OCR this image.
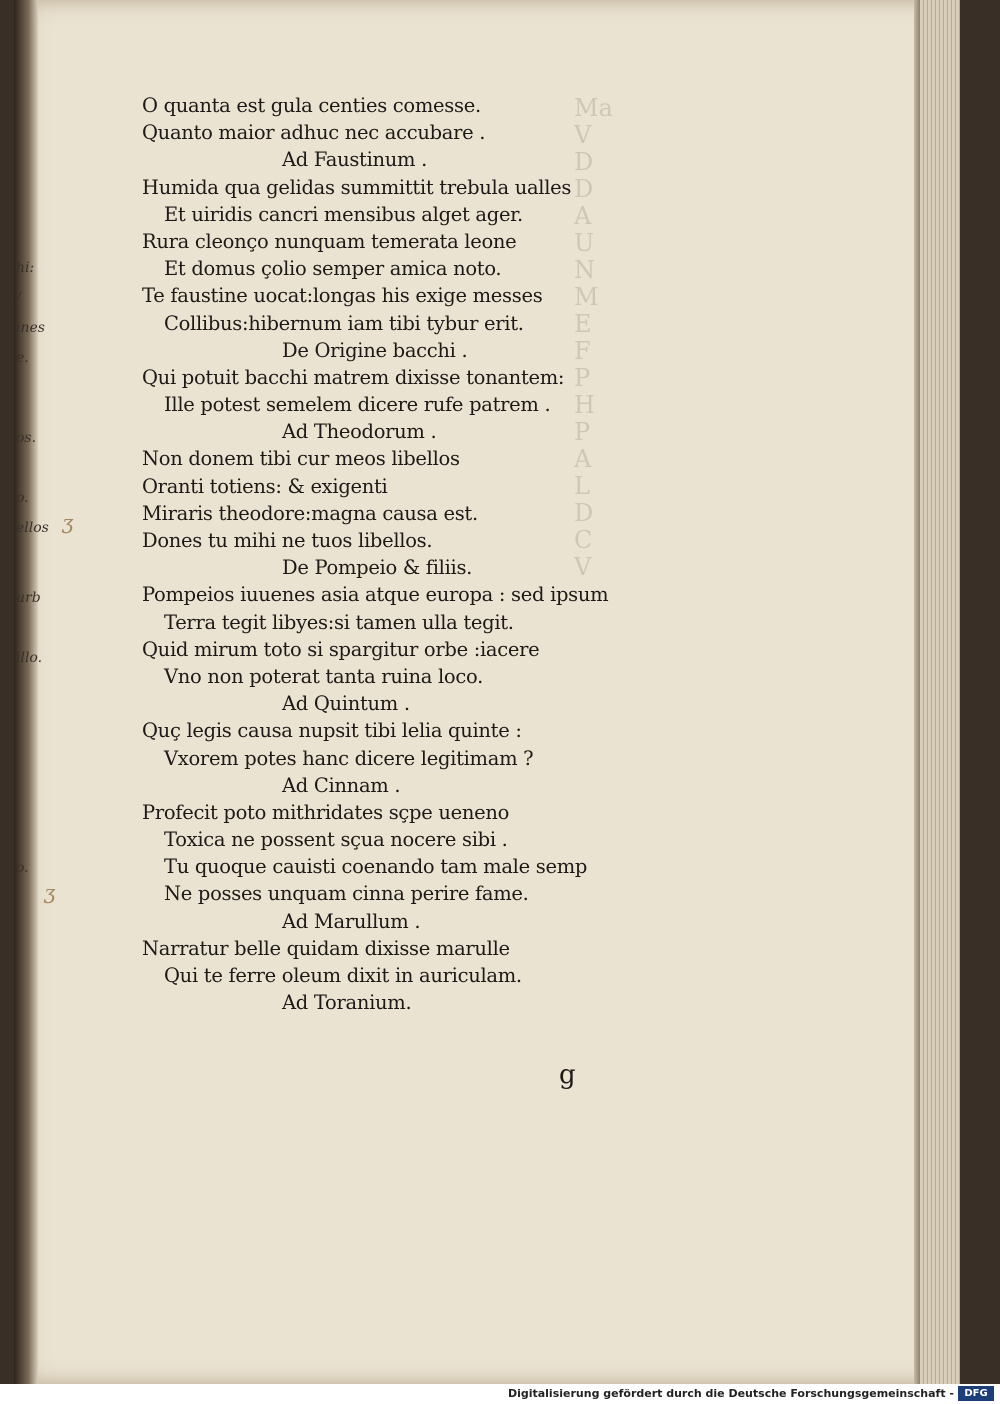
hi:
/
ines
e.
os.
o.
ellos
urb
illo.
o.
Ma
V
D
D
A
U
N
M
E
F
P
H
P
A
L
D
C
V
O quanta est gula centies comesse.
Quanto maior adhuc nec accubare .
Ad Faustinum .
Humida qua gelidas summittit trebula ualles
Et uiridis cancri mensibus alget ager.
Rura cleonço nunquam temerata leone
Et domus çolio semper amica noto.
Te faustine uocat:longas his exige messes
Collibus:hibernum iam tibi tybur erit.
De Origine bacchi .
Qui potuit bacchi matrem dixisse tonantem:
Ille potest semelem dicere rufe patrem .
Ad Theodorum .
Non donem tibi cur meos libellos
Oranti totiens: & exigenti
Miraris theodore:magna causa est.
Dones tu mihi ne tuos libellos.
De Pompeio & filiis.
Pompeios iuuenes asia atque europa : sed ipsum
Terra tegit libyes:si tamen ulla tegit.
Quid mirum toto si spargitur orbe :iacere
Vno non poterat tanta ruina loco.
Ad Quintum .
Quç legis causa nupsit tibi lelia quinte :
Vxorem potes hanc dicere legitimam ?
Ad Cinnam .
Profecit poto mithridates sçpe ueneno
Toxica ne possent sçua nocere sibi .
Tu quoque cauisti coenando tam male semp
Ne posses unquam cinna perire fame.
Ad Marullum .
Narratur belle quidam dixisse marulle
Qui te ferre oleum dixit in auriculam.
Ad Toranium.
ʒ
ʒ
g
Digitalisierung gefördert durch die Deutsche Forschungsgemeinschaft -	DFG
